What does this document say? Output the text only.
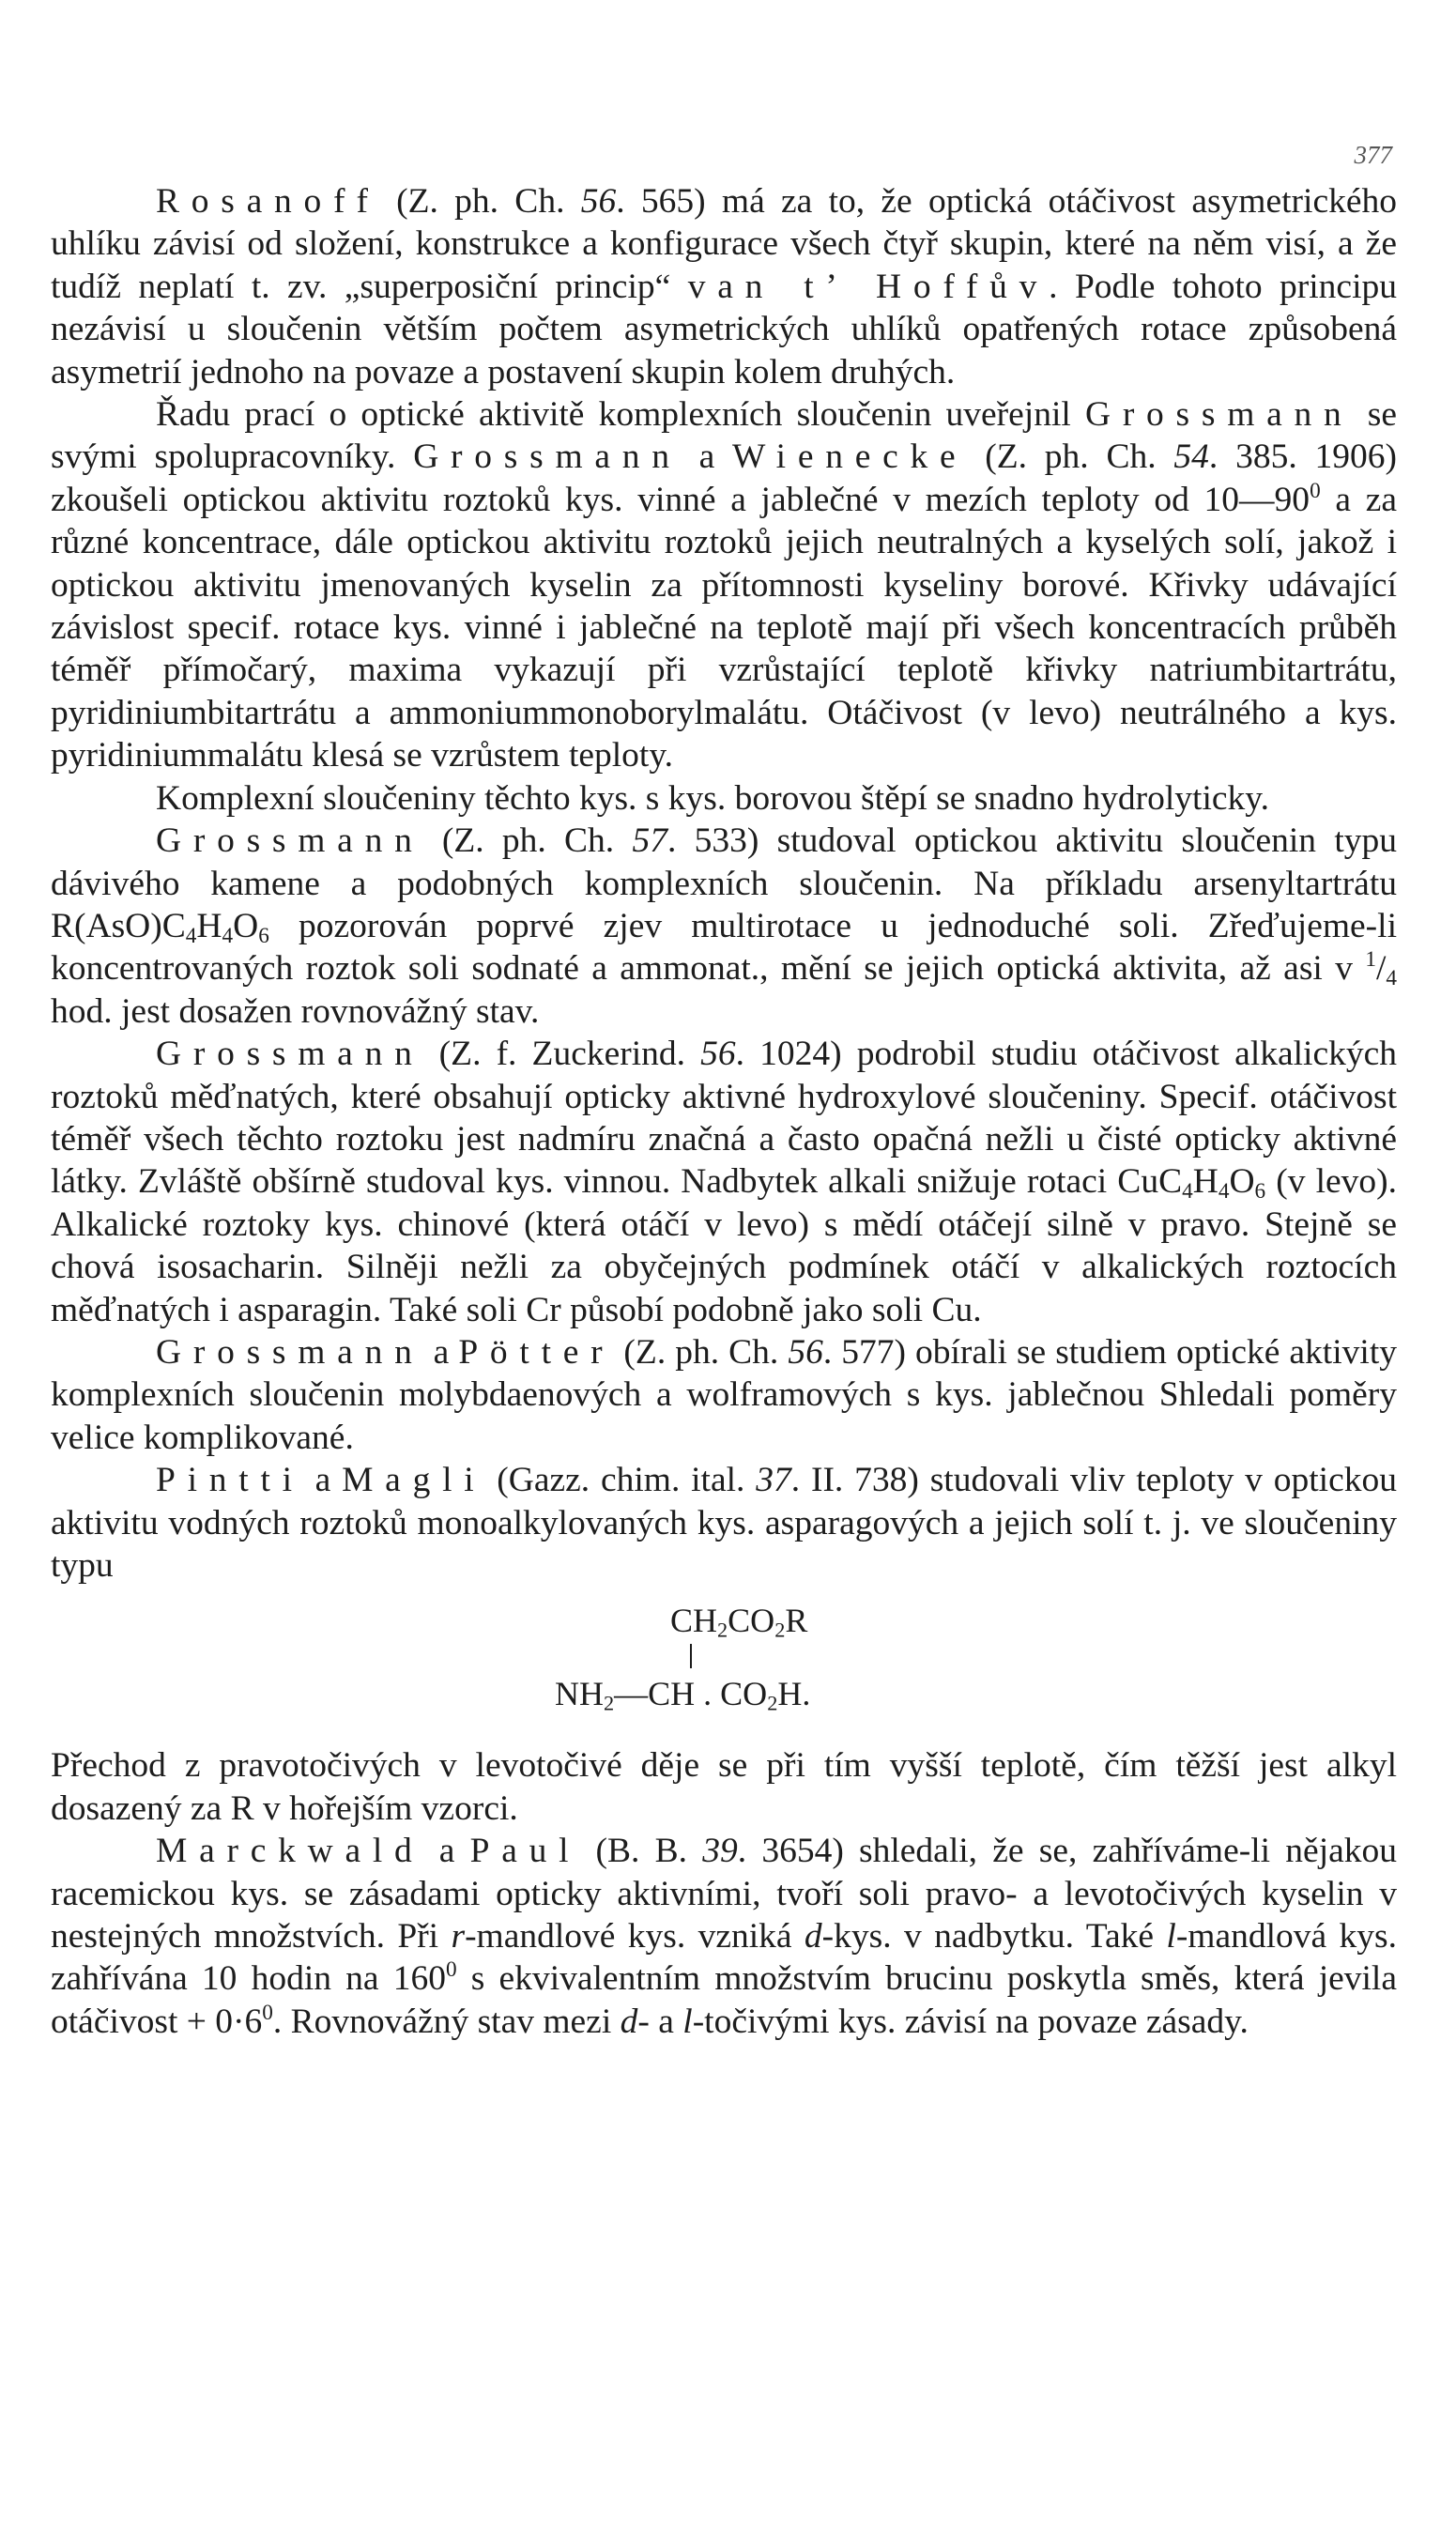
377

Rosanoff (Z. ph. Ch. 56. 565) má za to, že optická otáčivost asymetrického uhlíku závisí od složení, konstrukce a konfigurace všech čtyř skupin, které na něm visí, a že tudíž neplatí t. zv. „superposiční princip“ van t’ Hoffův. Podle tohoto principu nezávisí u sloučenin větším počtem asymetrických uhlíků opatřených rotace způsobená asymetrií jednoho na povaze a postavení skupin kolem druhých.

Řadu prací o optické aktivitě komplexních sloučenin uveřejnil Grossmann se svými spolupracovníky. Grossmann a Wienecke (Z. ph. Ch. 54. 385. 1906) zkoušeli optickou aktivitu roztoků kys. vinné a jablečné v mezích teploty od $10—90^0$ a za různé koncentrace, dále optickou aktivitu roztoků jejich neutralných a kyselých solí, jakož i optickou aktivitu jmenovaných kyselin za přítomnosti kyseliny borové. Křivky udávající závislost specif. rotace kys. vinné i jablečné na teplotě mají při všech koncentracích průběh téměř přímočarý, maxima vykazují při vzrůstající teplotě křivky natriumbitartrátu, pyridiniumbitartrátu a ammoniummonoborylmalátu. Otáčivost (v levo) neutrálného a kys. pyridiniummalátu klesá se vzrůstem teploty.

Komplexní sloučeniny těchto kys. s kys. borovou štěpí se snadno hydrolyticky.

Grossmann (Z. ph. Ch. 57. 533) studoval optickou aktivitu sloučenin typu dávivého kamene a podobných komplexních sloučenin. Na příkladu arsenyltartrátu $R(AsO)C_4H_4O_6$ pozorován poprvé zjev multirotace u jednoduché soli. Zřeďujeme-li koncentrovaných roztok soli sodnaté a ammonat., mění se jejich optická aktivita, až asi v $^1/_4$ hod. jest dosažen rovnovážný stav.

Grossmann (Z. f. Zuckerind. 56. 1024) podrobil studiu otáčivost alkalických roztoků měďnatých, které obsahují opticky aktivné hydroxylové sloučeniny. Specif. otáčivost téměř všech těchto roztoku jest nadmíru značná a často opačná nežli u čisté opticky aktivné látky. Zvláště obšírně studoval kys. vinnou. Nadbytek alkali snižuje rotaci $CuC_4H_4O_6$ (v levo). Alkalické roztoky kys. chinové (která otáčí v levo) s mědí otáčejí silně v pravo. Stejně se chová isosacharin. Silněji nežli za obyčejných podmínek otáčí v alkalických roztocích měďnatých i asparagin. Také soli Cr působí podobně jako soli Cu.

Grossmann a Pötter (Z. ph. Ch. 56. 577) obírali se studiem optické aktivity komplexních sloučenin molybdaenových a wolframových s kys. jablečnou Shledali poměry velice komplikované.

Pintti a Magli (Gazz. chim. ital. 37. II. 738) studovali vliv teploty v optickou aktivitu vodných roztoků monoalkylovaných kys. asparagových a jejich solí t. j. ve sloučeniny typu

$CH_2CO_2R$
$NH_2—CH$ . $CO_2H$.

Přechod z pravotočivých v levotočivé děje se při tím vyšší teplotě, čím těžší jest alkyl dosazený za R v hořejším vzorci.

Marckwald a Paul (B. B. 39. 3654) shledali, že se, zahříváme-li nějakou racemickou kys. se zásadami opticky aktivními, tvoří soli pravo- a levotočivých kyselin v nestejných množstvích. Při r-mandlové kys. vzniká d-kys. v nadbytku. Také l-mandlová kys. zahřívána 10 hodin na $160^0$ s ekvivalentním množstvím brucinu poskytla směs, která jevila otáčivost + $0\cdot 6^0$. Rovnovážný stav mezi d- a l-točivými kys. závisí na povaze zásady.
